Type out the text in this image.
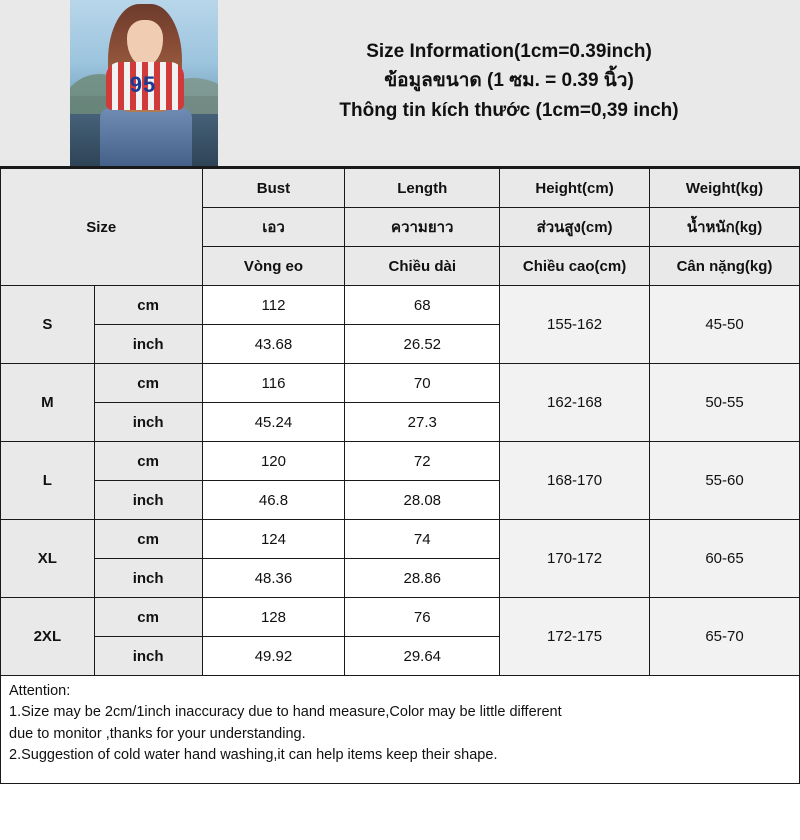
95
Size Information(1cm=0.39inch)
ข้อมูลขนาด (1 ซม. = 0.39 นิ้ว)
Thông tin kích thước (1cm=0,39 inch)
Size		Bust	Length	Height(cm)	Weight(kg)
		เอว	ความยาว	ส่วนสูง(cm)	น้ำหนัก(kg)
		Vòng eo	Chiều dài	Chiều cao(cm)	Cân nặng(kg)
S	cm	112	68	155-162	45-50
	inch	43.68	26.52		
M	cm	116	70	162-168	50-55
	inch	45.24	27.3		
L	cm	120	72	168-170	55-60
	inch	46.8	28.08		
XL	cm	124	74	170-172	60-65
	inch	48.36	28.86		
2XL	cm	128	76	172-175	65-70
	inch	49.92	29.64		
Attention:
1.Size may be 2cm/1inch inaccuracy due to hand measure,Color may be little different
due to monitor ,thanks for your understanding.
2.Suggestion of cold water hand washing,it can help items keep their shape.
